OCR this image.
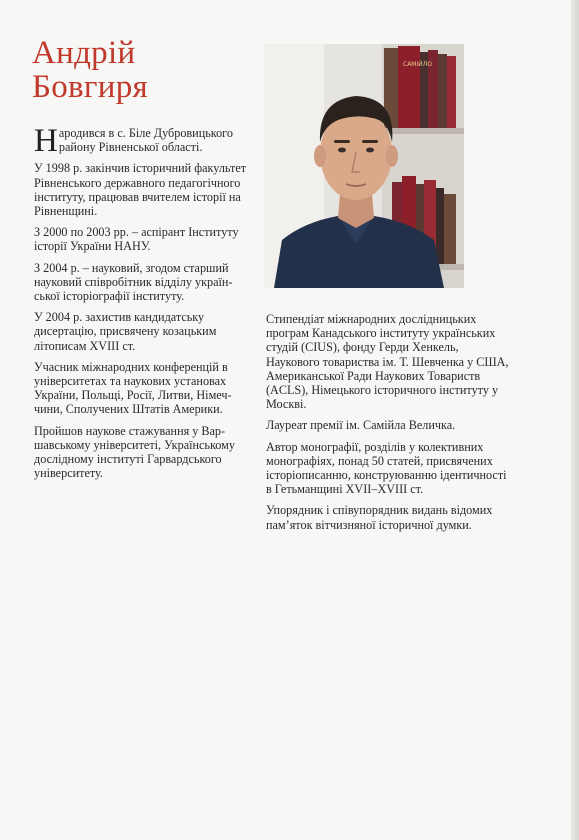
Андрій
Бовгиря
САМІЙЛО

Народився в с. Біле Дубровицького району Рівненської області.

У 1998 р. закінчив історичний факультет Рівненського державного педагогічного інституту, працював вчителем історії на Рівненщині.

З 2000 по 2003 рр. – аспірант Інституту історії України НАНУ.

З 2004 р. – науковий, згодом старший науковий співробітник відділу української історіографії інституту.

У 2004 р. захистив кандидатську дисертацію, присвячену козацьким літописам XVIII ст.

Учасник міжнародних конференцій в університетах та наукових установах України, Польщі, Росії, Литви, Німеччини, Сполучених Штатів Америки.

Пройшов наукове стажування у Варшавському університеті, Українському дослідному інституті Гарвардського університету.

Стипендіат міжнародних дослідницьких програм Канадського інституту українських студій (CIUS), фонду Герди Хенкель, Наукового товариства ім. Т. Шевченка у США, Американської Ради Наукових Товариств (ACLS), Німецького історичного інституту у Москві.

Лауреат премії ім. Самійла Величка.

Автор монографії, розділів у колективних монографіях, понад 50 статей, присвячених історіописанню, конструюванню ідентичності в Гетьманщині XVII–XVIII ст.

Упорядник і співупорядник видань відомих пам’яток вітчизняної історичної думки.
